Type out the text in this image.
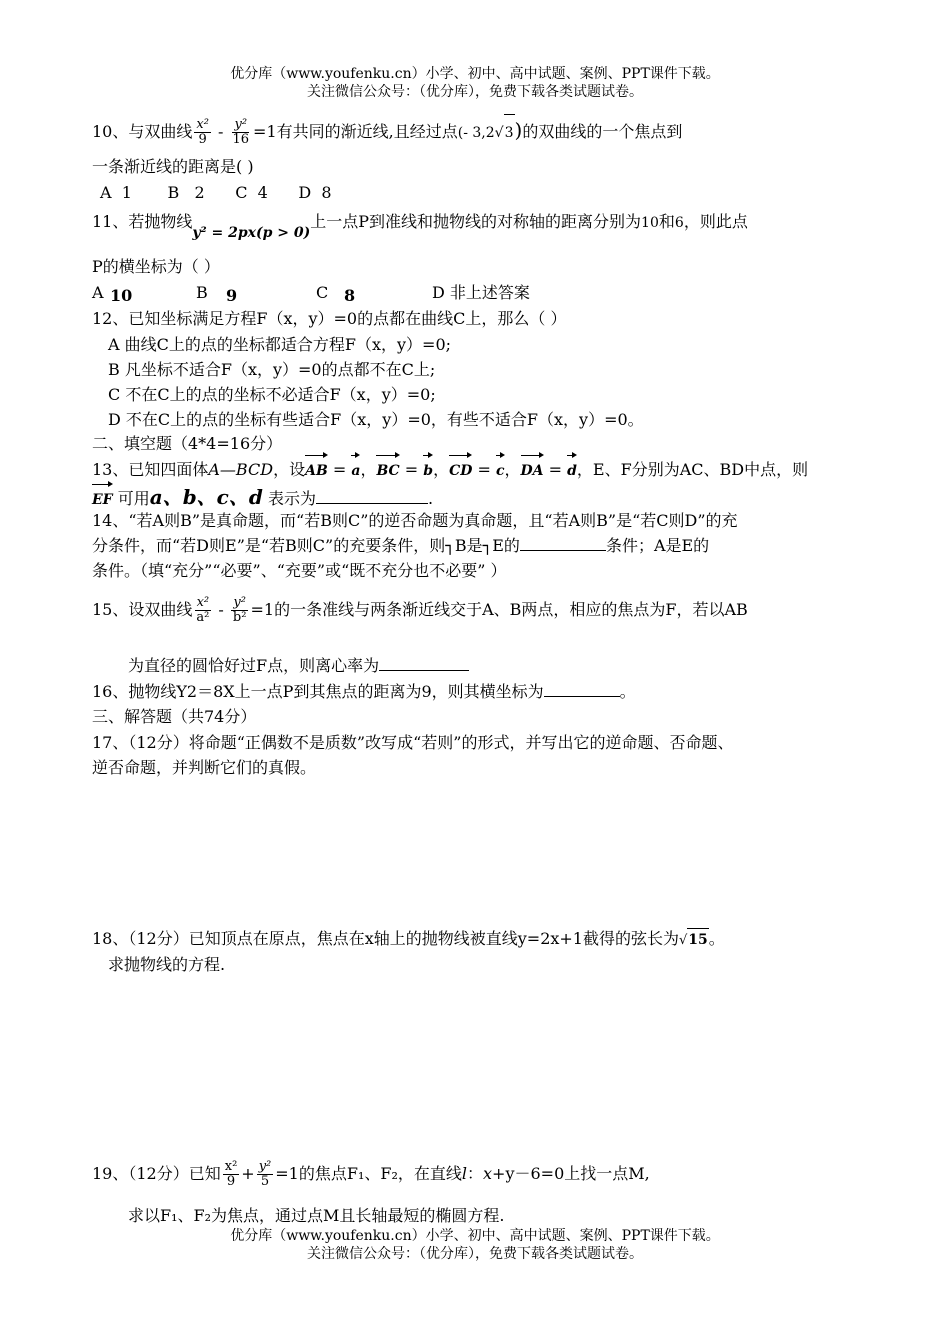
优分库（www.youfenku.cn）小学、初中、高中试题、案例、PPT课件下载。
关注微信公众号：（优分库），免费下载各类试题试卷。
10、与双曲线 $\frac{\text{x²}}{9} - \frac{\text{y²}}{16} =1$有共同的渐近线,且经过点(- 3,2√3)的双曲线的一个焦点到
一条渐近线的距离是( )
A  1       B   2      C  4      D  8
11、若抛物线y² = 2px(p > 0)上一点P到准线和抛物线的对称轴的距离分别为10和6，则此点
P的横坐标为（ ）
A 10	B 9	C 8	D 非上述答案
12、已知坐标满足方程F（x，y）=0的点都在曲线C上，那么（ ）
A 曲线C上的点的坐标都适合方程F（x，y）=0;
B 凡坐标不适合F（x，y）=0的点都不在C上;
C 不在C上的点的坐标不必适合F（x，y）=0;
D 不在C上的点的坐标有些适合F（x，y）=0，有些不适合F（x，y）=0。
二、填空题（4*4=16分）
13、已知四面体A—BCD，设AB = a，BC = b，CD = c，DA = d，E、F分别为AC、BD中点，则
EF 可用a、b、c、d 表示为	.
14、“若A则B”是真命题，而“若B则C”的逆否命题为真命题，且“若A则B”是“若C则D”的充
分条件，而“若D则E”是“若B则C”的充要条件，则┐B是┐E的	条件；A是E的
条件。（填“充分”“必要”、“充要”或“既不充分也不必要” ）
15、设双曲线 $\frac{\text{x²}}{\text{a²}} - \frac{\text{y²}}{\text{b²}} =1$的一条准线与两条渐近线交于A、B两点，相应的焦点为F，若以AB
为直径的圆恰好过F点，则离心率为
16、抛物线Y2＝8X上一点P到其焦点的距离为9，则其横坐标为	。
三、解答题（共74分）
17、（12分）将命题“正偶数不是质数”改写成“若则”的形式，并写出它的逆命题、否命题、
逆否命题，并判断它们的真假。
18、（12分）已知顶点在原点，焦点在x轴上的抛物线被直线y=2x+1截得的弦长为√15。
求抛物线的方程.
19、（12分）已知 $\frac{\text{x²}}{9} + \frac{\text{y²}}{5} =1$的焦点F₁、F₂，在直线l：x+y－6=0上找一点M,
求以F₁、F₂为焦点，通过点M且长轴最短的椭圆方程.
优分库（www.youfenku.cn）小学、初中、高中试题、案例、PPT课件下载。
关注微信公众号：（优分库），免费下载各类试题试卷。
